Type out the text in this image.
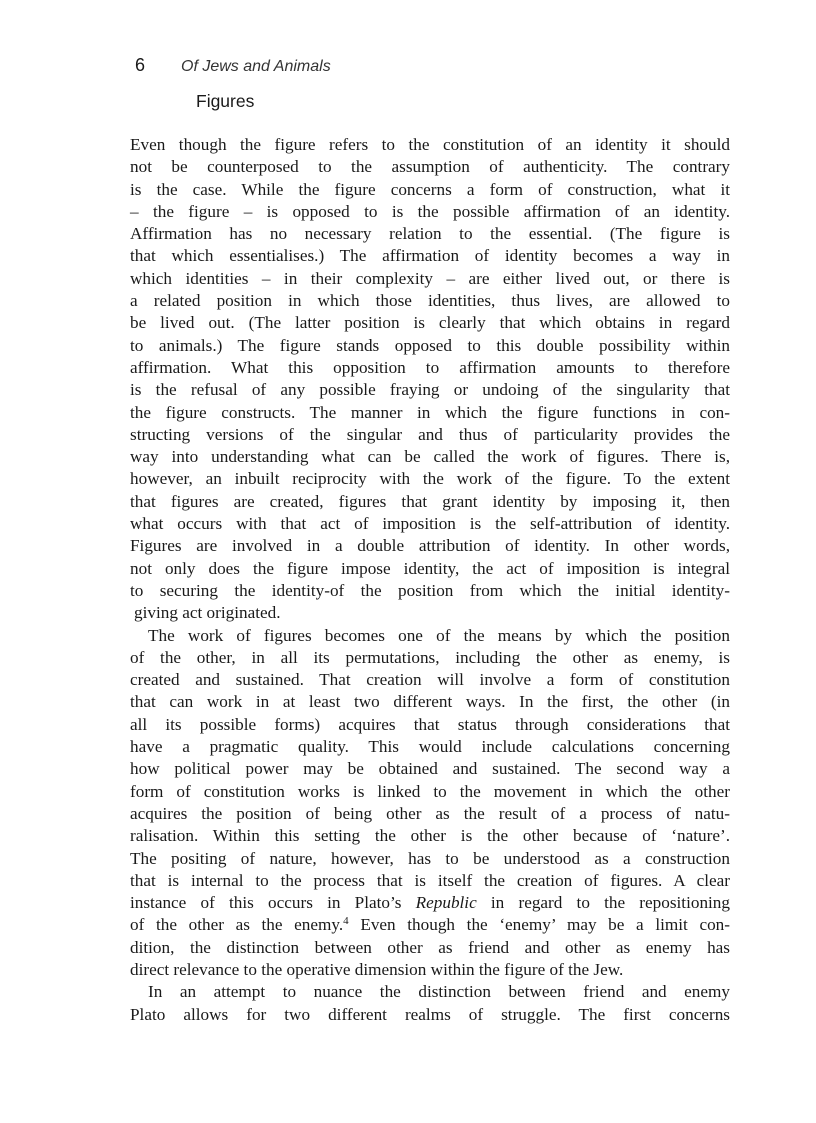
6 Of Jews and Animals
Figures
Even though the figure refers to the constitution of an identity it should
not be counterposed to the assumption of authenticity. The contrary
is the case. While the figure concerns a form of construction, what it
– the figure – is opposed to is the possible affirmation of an identity.
Affirmation has no necessary relation to the essential. (The figure is
that which essentialises.) The affirmation of identity becomes a way in
which identities – in their complexity – are either lived out, or there is
a related position in which those identities, thus lives, are allowed to
be lived out. (The latter position is clearly that which obtains in regard
to animals.) The figure stands opposed to this double possibility within
affirmation. What this opposition to affirmation amounts to therefore
is the refusal of any possible fraying or undoing of the singularity that
the figure constructs. The manner in which the figure functions in con-
structing versions of the singular and thus of particularity provides the
way into understanding what can be called the work of figures. There is,
however, an inbuilt reciprocity with the work of the figure. To the extent
that figures are created, figures that grant identity by imposing it, then
what occurs with that act of imposition is the self-attribution of identity.
Figures are involved in a double attribution of identity. In other words,
not only does the figure impose identity, the act of imposition is integral
to securing the identity-of the position from which the initial identity-
giving act originated.
The work of figures becomes one of the means by which the position
of the other, in all its permutations, including the other as enemy, is
created and sustained. That creation will involve a form of constitution
that can work in at least two different ways. In the first, the other (in
all its possible forms) acquires that status through considerations that
have a pragmatic quality. This would include calculations concerning
how political power may be obtained and sustained. The second way a
form of constitution works is linked to the movement in which the other
acquires the position of being other as the result of a process of natu-
ralisation. Within this setting the other is the other because of ‘nature’.
The positing of nature, however, has to be understood as a construction
that is internal to the process that is itself the creation of figures. A clear
instance of this occurs in Plato’s Republic in regard to the repositioning
of the other as the enemy.$^4$ Even though the ‘enemy’ may be a limit con-
dition, the distinction between other as friend and other as enemy has
direct relevance to the operative dimension within the figure of the Jew.
In an attempt to nuance the distinction between friend and enemy
Plato allows for two different realms of struggle. The first concerns
